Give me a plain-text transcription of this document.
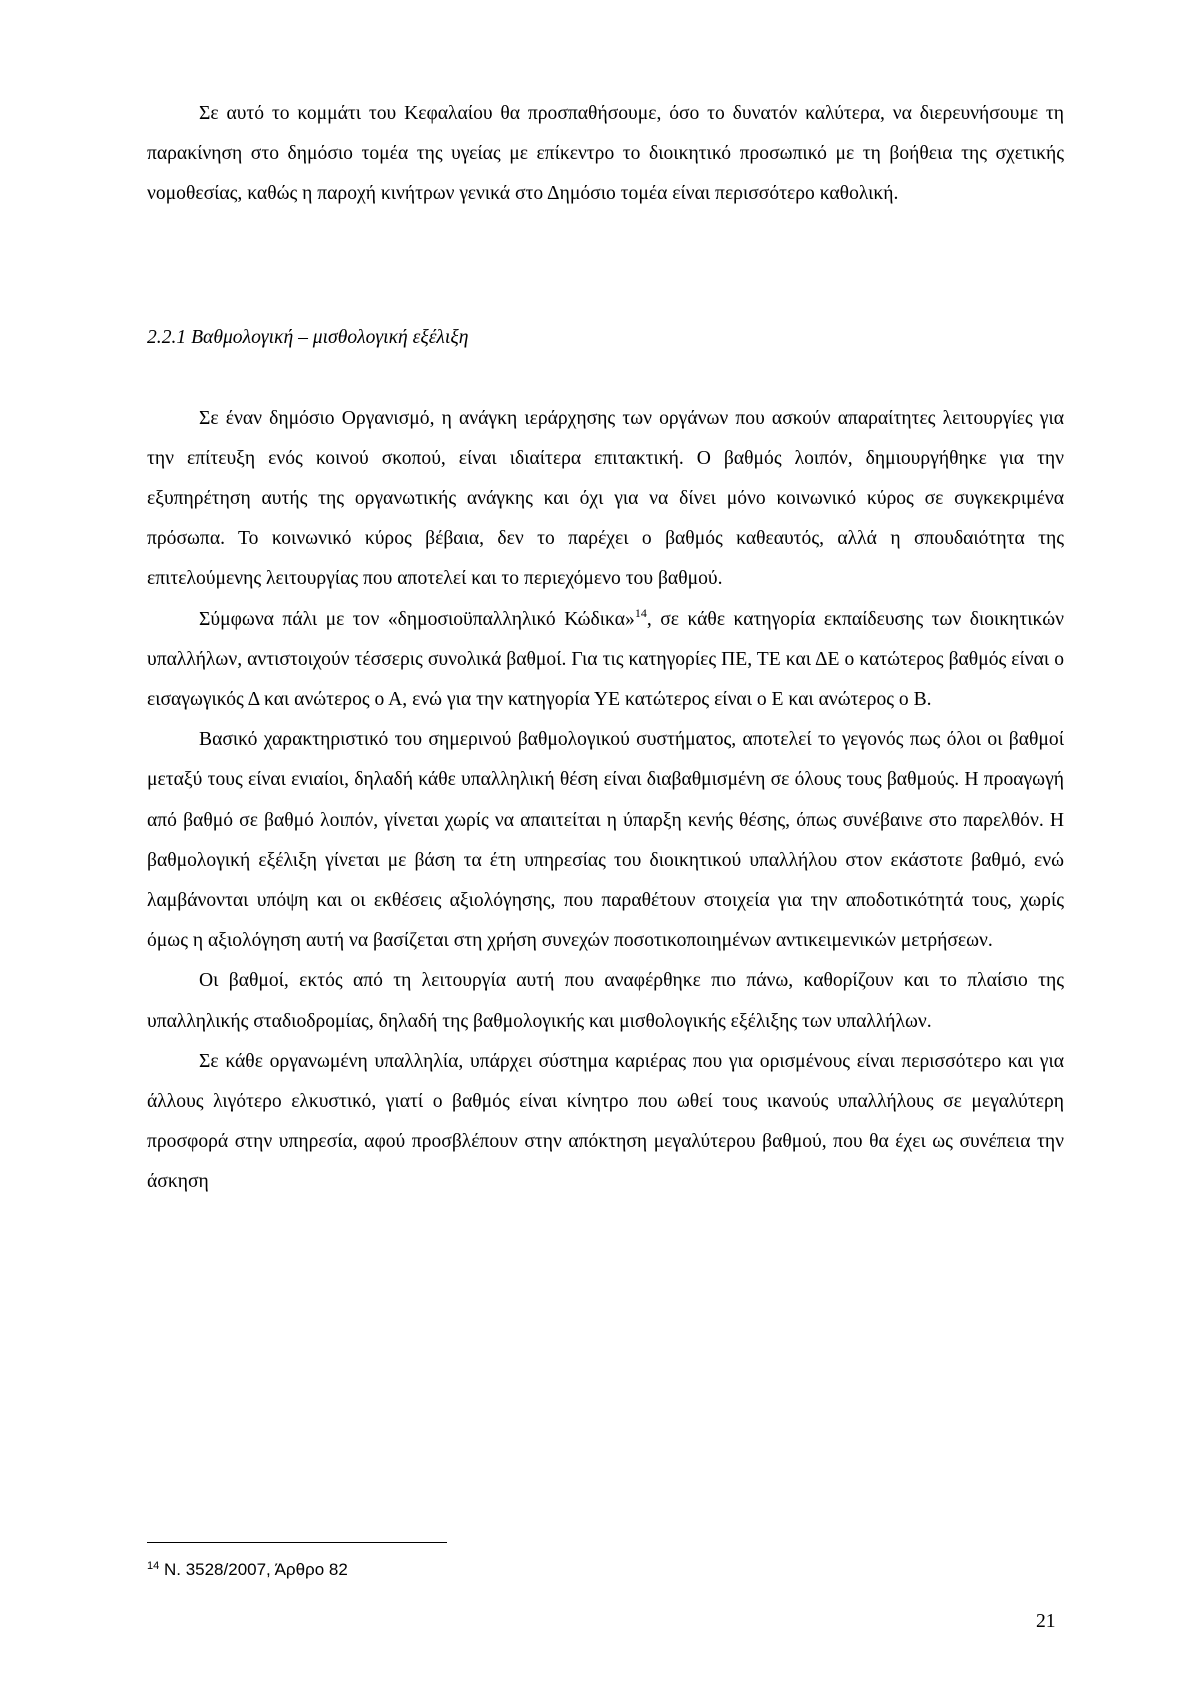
Σε αυτό το κομμάτι του Κεφαλαίου θα προσπαθήσουμε, όσο το δυνατόν καλύτερα, να διερευνήσουμε τη παρακίνηση στο δημόσιο τομέα της υγείας με επίκεντρο το διοικητικό προσωπικό με τη βοήθεια της σχετικής νομοθεσίας, καθώς η παροχή κινήτρων γενικά στο Δημόσιο τομέα είναι περισσότερο καθολική.

2.2.1 Βαθμολογική – μισθολογική εξέλιξη

Σε έναν δημόσιο Οργανισμό, η ανάγκη ιεράρχησης των οργάνων που ασκούν απαραίτητες λειτουργίες για την επίτευξη ενός κοινού σκοπού, είναι ιδιαίτερα επιτακτική. Ο βαθμός λοιπόν, δημιουργήθηκε για την εξυπηρέτηση αυτής της οργανωτικής ανάγκης και όχι για να δίνει μόνο κοινωνικό κύρος σε συγκεκριμένα πρόσωπα. Το κοινωνικό κύρος βέβαια, δεν το παρέχει ο βαθμός καθεαυτός, αλλά η σπουδαιότητα της επιτελούμενης λειτουργίας που αποτελεί και το περιεχόμενο του βαθμού.

Σύμφωνα πάλι με τον «δημοσιοϋπαλληλικό Κώδικα»$^{14}$, σε κάθε κατηγορία εκπαίδευσης των διοικητικών υπαλλήλων, αντιστοιχούν τέσσερις συνολικά βαθμοί. Για τις κατηγορίες ΠΕ, ΤΕ και ΔΕ ο κατώτερος βαθμός είναι ο εισαγωγικός Δ και ανώτερος ο Α, ενώ για την κατηγορία ΥΕ κατώτερος είναι ο Ε και ανώτερος ο Β.

Βασικό χαρακτηριστικό του σημερινού βαθμολογικού συστήματος, αποτελεί το γεγονός πως όλοι οι βαθμοί μεταξύ τους είναι ενιαίοι, δηλαδή κάθε υπαλληλική θέση είναι διαβαθμισμένη σε όλους τους βαθμούς. Η προαγωγή από βαθμό σε βαθμό λοιπόν, γίνεται χωρίς να απαιτείται η ύπαρξη κενής θέσης, όπως συνέβαινε στο παρελθόν. Η βαθμολογική εξέλιξη γίνεται με βάση τα έτη υπηρεσίας του διοικητικού υπαλλήλου στον εκάστοτε βαθμό, ενώ λαμβάνονται υπόψη και οι εκθέσεις αξιολόγησης, που παραθέτουν στοιχεία για την αποδοτικότητά τους, χωρίς όμως η αξιολόγηση αυτή να βασίζεται στη χρήση συνεχών ποσοτικοποιημένων αντικειμενικών μετρήσεων.

Οι βαθμοί, εκτός από τη λειτουργία αυτή που αναφέρθηκε πιο πάνω, καθορίζουν και το πλαίσιο της υπαλληλικής σταδιοδρομίας, δηλαδή της βαθμολογικής και μισθολογικής εξέλιξης των υπαλλήλων.

Σε κάθε οργανωμένη υπαλληλία, υπάρχει σύστημα καριέρας που για ορισμένους είναι περισσότερο και για άλλους λιγότερο ελκυστικό, γιατί ο βαθμός είναι κίνητρο που ωθεί τους ικανούς υπαλλήλους σε μεγαλύτερη προσφορά στην υπηρεσία, αφού προσβλέπουν στην απόκτηση μεγαλύτερου βαθμού, που θα έχει ως συνέπεια την άσκηση

$^{14}$ Ν. 3528/2007, Άρθρο 82
21
